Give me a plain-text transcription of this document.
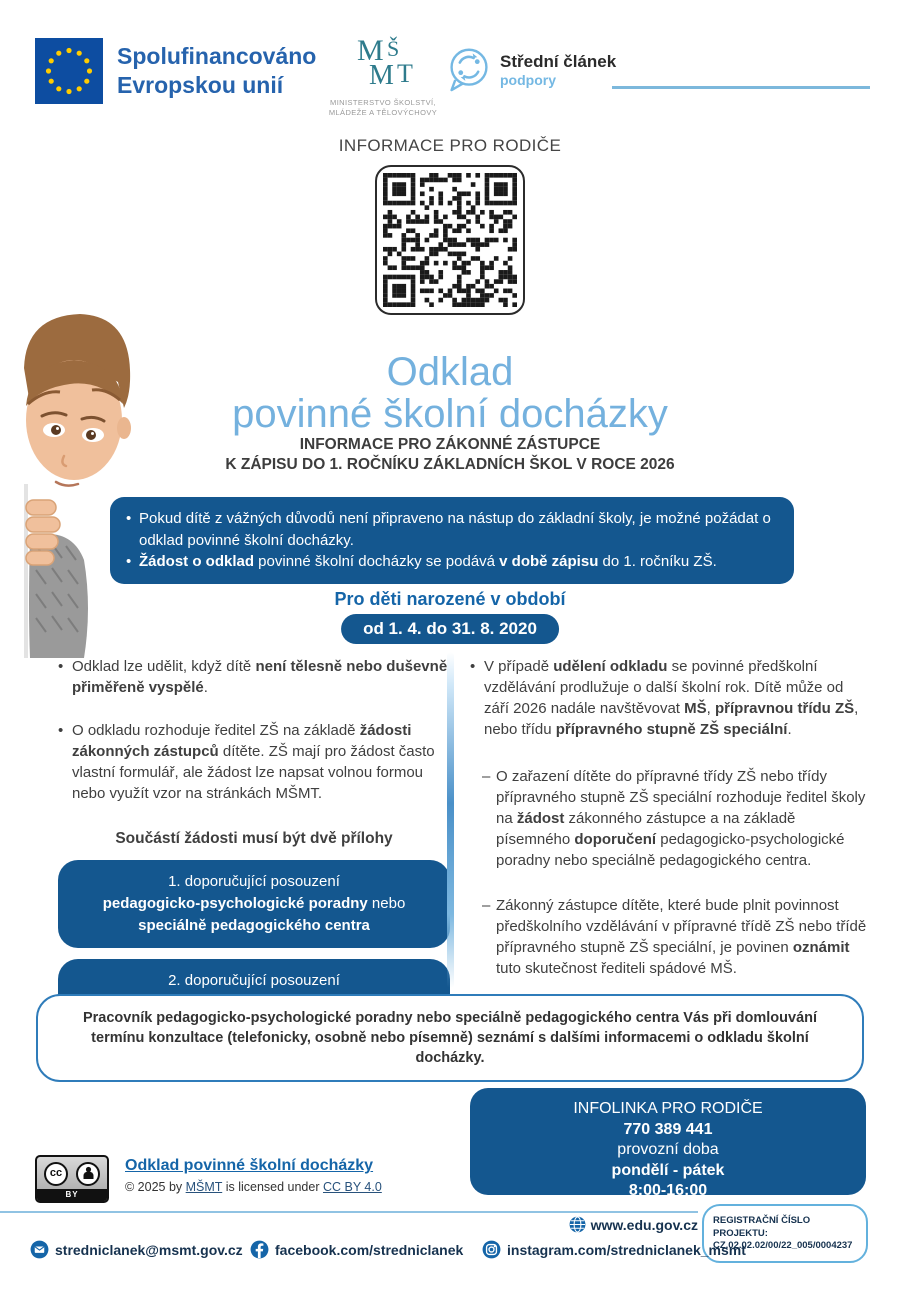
Spolufinancováno
Evropskou unií
M Š
M T
MINISTERSTVO ŠKOLSTVÍ,
MLÁDEŽE A TĚLOVÝCHOVY
Střední článek
podpory
INFORMACE PRO RODIČE
Odklad
povinné školní docházky
INFORMACE PRO ZÁKONNÉ ZÁSTUPCE
K ZÁPISU DO 1. ROČNÍKU ZÁKLADNÍCH ŠKOL V ROCE 2026

• Pokud dítě z vážných důvodů není připraveno na nástup do základní školy, je možné požádat o odklad povinné školní docházky.

• Žádost o odklad povinné školní docházky se podává v době zápisu do 1. ročníku ZŠ.

Pro děti narozené v období
od 1. 4. do 31. 8. 2020

• Odklad lze udělit, když dítě není tělesně nebo duševně přiměřeně vyspělé.

• O odkladu rozhoduje ředitel ZŠ na základě žádosti zákonných zástupců dítěte. ZŠ mají pro žádost často vlastní formulář, ale žádost lze napsat volnou formou nebo využít vzor na stránkách MŠMT.

Součástí žádosti musí být dvě přílohy
1. doporučující posouzení
pedagogicko-psychologické poradny nebo
speciálně pedagogického centra
2. doporučující posouzení

• V případě udělení odkladu se povinné předškolní vzdělávání prodlužuje o další školní rok. Dítě může od září 2026 nadále navštěvovat MŠ, přípravnou třídu ZŠ, nebo třídu přípravného stupně ZŠ speciální.

– O zařazení dítěte do přípravné třídy ZŠ nebo třídy přípravného stupně ZŠ speciální rozhoduje ředitel školy na žádost zákonného zástupce a na základě písemného doporučení pedagogicko-psychologické poradny nebo speciálně pedagogického centra.

– Zákonný zástupce dítěte, které bude plnit povinnost předškolního vzdělávání v přípravné třídě ZŠ nebo třídě přípravného stupně ZŠ speciální, je povinen oznámit tuto skutečnost řediteli spádové MŠ.

Pracovník pedagogicko-psychologické poradny nebo speciálně pedagogického centra Vás při domlouvání termínu konzultace (telefonicky, osobně nebo písemně) seznámí s dalšími informacemi o odkladu školní docházky.
INFOLINKA PRO RODIČE
770 389 441
provozní doba
pondělí - pátek
8:00-16:00
cc
BY
Odklad povinné školní docházky
© 2025 by MŠMT is licensed under CC BY 4.0
www.edu.gov.cz REGISTRAČNÍ ČÍSLO PROJEKTU:
CZ.02.02.02/00/22_005/0004237
stredniclanek@msmt.gov.cz facebook.com/stredniclanek	instagram.com/stredniclanek_msmt
